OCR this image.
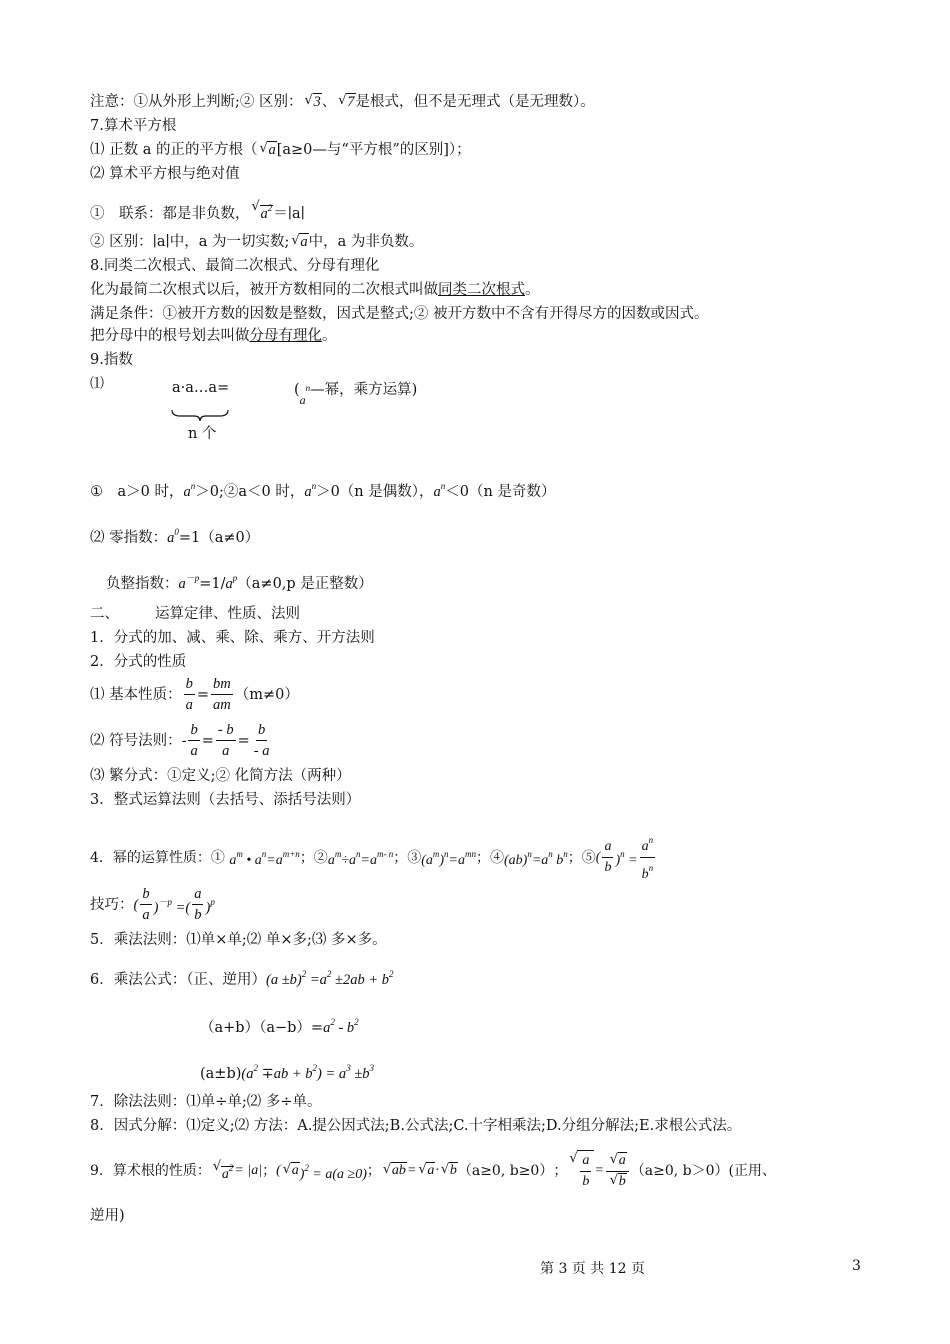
注意：①从外形上判断;② 区别： √ 3、 √ 7是根式，但不是无理式（是无理数）。
7.算术平方根
⑴ 正数 a 的正的平方根（ √ a[a≥0—与“平方根”的区别]）；
⑵ 算术平方根与绝对值
①　联系：都是非负数， √ $a^2=∣a∣$
② 区别：∣a∣中，a 为一切实数; √ a中，a 为非负数。
8.同类二次根式、最简二次根式、分母有理化
化为最简二次根式以后，被开方数相同的二次根式叫做同类二次根式。
满足条件：①被开方数的因数是整数，因式是整式;② 被开方数中不含有开得尽方的因数或因式。
把分母中的根号划去叫做分母有理化。
9.指数
⑴	a·a…a=
n 个
($a^n—$幂，乘方运算)
①　a＞0 时，$a^n>0;②a<0$ 时，$a^n>0(n$ 是偶数），$a^n<0(n$ 是奇数）
⑵ 零指数：$a^0=1(a\ne 0)$
负整指数：$a^{-p}=1/a^p(a\ne 0,p$ 是正整数）
二、 运算定律、性质、法则
1．分式的加、减、乘、除、乘方、开方法则
2．分式的性质
⑴ 基本性质： $\frac{b}{a} = \frac{bm}{am} (m\ne 0)$
⑵ 符号法则：- $\frac{b}{a} = \frac{- b}{a} = \frac{b}{- a}$
⑶ 繁分式：①定义;② 化简方法（两种）
3．整式运算法则（去括号、添括号法则）
4．幂的运算性质：① $a^m$ • $a^n=a^{m+n}$；$②a^m\div a^n=a^{m- n}$；$③(a^m)^n=a^{mn}$；$④(ab)^n=a^n$ $b^n$；⑤( $\frac{a}{b} )^n = \frac{a^n}{b^n}$
技巧：( $\frac{b}{a} )^{-p}$ =( $\frac{a}{b} )^p$
5．乘法法则：⑴单×单;⑵ 单×多;⑶ 多×多。
6．乘法公式：（正、逆用）$(a \pm b)^2 =a^2 \pm 2ab + b^2$
$(a+b)(a-b)=a^2 - b^2$
$(a\pm b)(a^2 \mp ab + b^2) = a^3 \pm b^3$
7．除法法则：⑴单÷单;⑵ 多÷单。
8．因式分解：⑴定义;⑵ 方法：A.提公因式法;B.公式法;C.十字相乘法;D.分组分解法;E.求根公式法。
9．算术根的性质： √ $a^2= |a|$；( √ a)$^2$ = a(a ≥0)； √ ab=√ a·√ b（a≥0, b≥0）； √ $\frac{a}{b}$ = √ a
√ b （a≥0, b＞0）(正用、
逆用)
第 3 页 共 12 页	3
